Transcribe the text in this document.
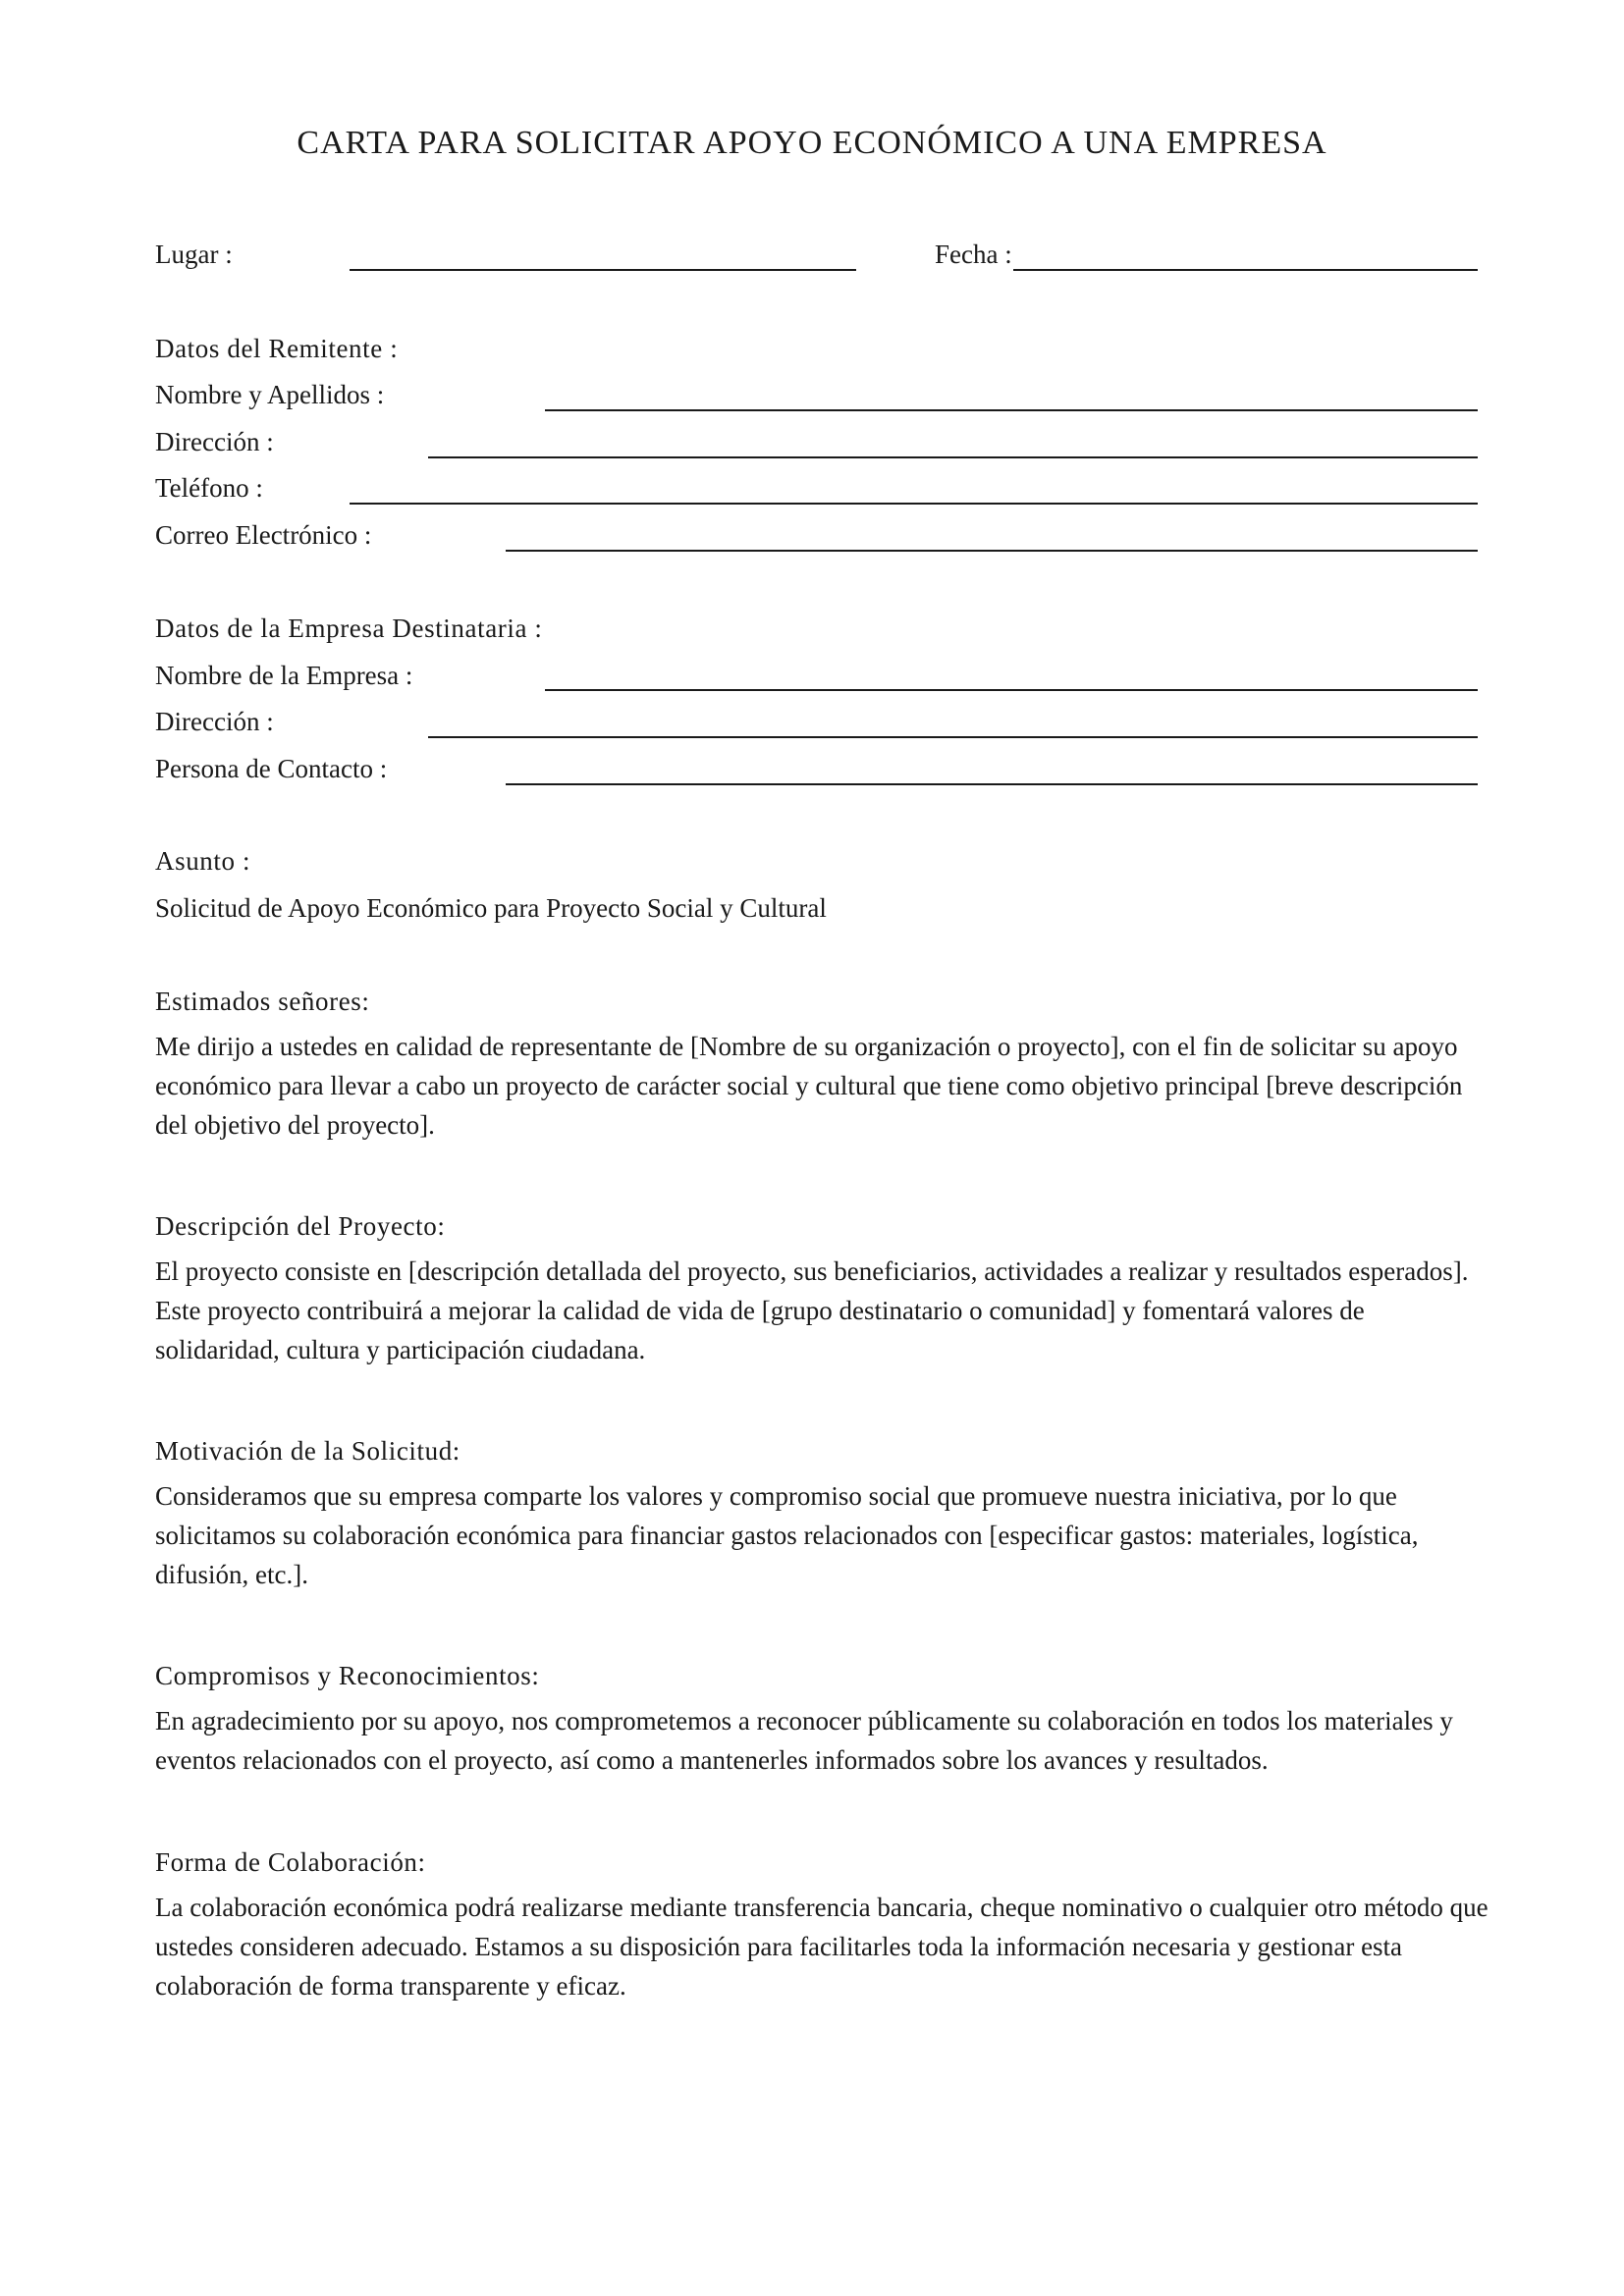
CARTA PARA SOLICITAR APOYO ECONÓMICO A UNA EMPRESA
Lugar :	Fecha :
Datos del Remitente :
Nombre y Apellidos :
Dirección :
Teléfono :
Correo Electrónico :
Datos de la Empresa Destinataria :
Nombre de la Empresa :
Dirección :
Persona de Contacto :
Asunto :
Solicitud de Apoyo Económico para Proyecto Social y Cultural
Estimados señores:
Me dirijo a ustedes en calidad de representante de [Nombre de su organización o proyecto], con el fin de solicitar su apoyo económico para llevar a cabo un proyecto de carácter social y cultural que tiene como objetivo principal [breve descripción del objetivo del proyecto].
Descripción del Proyecto:
El proyecto consiste en [descripción detallada del proyecto, sus beneficiarios, actividades a realizar y resultados esperados]. Este proyecto contribuirá a mejorar la calidad de vida de [grupo destinatario o comunidad] y fomentará valores de solidaridad, cultura y participación ciudadana.
Motivación de la Solicitud:
Consideramos que su empresa comparte los valores y compromiso social que promueve nuestra iniciativa, por lo que solicitamos su colaboración económica para financiar gastos relacionados con [especificar gastos: materiales, logística, difusión, etc.].
Compromisos y Reconocimientos:
En agradecimiento por su apoyo, nos comprometemos a reconocer públicamente su colaboración en todos los materiales y eventos relacionados con el proyecto, así como a mantenerles informados sobre los avances y resultados.
Forma de Colaboración:
La colaboración económica podrá realizarse mediante transferencia bancaria, cheque nominativo o cualquier otro método que ustedes consideren adecuado. Estamos a su disposición para facilitarles toda la información necesaria y gestionar esta colaboración de forma transparente y eficaz.
